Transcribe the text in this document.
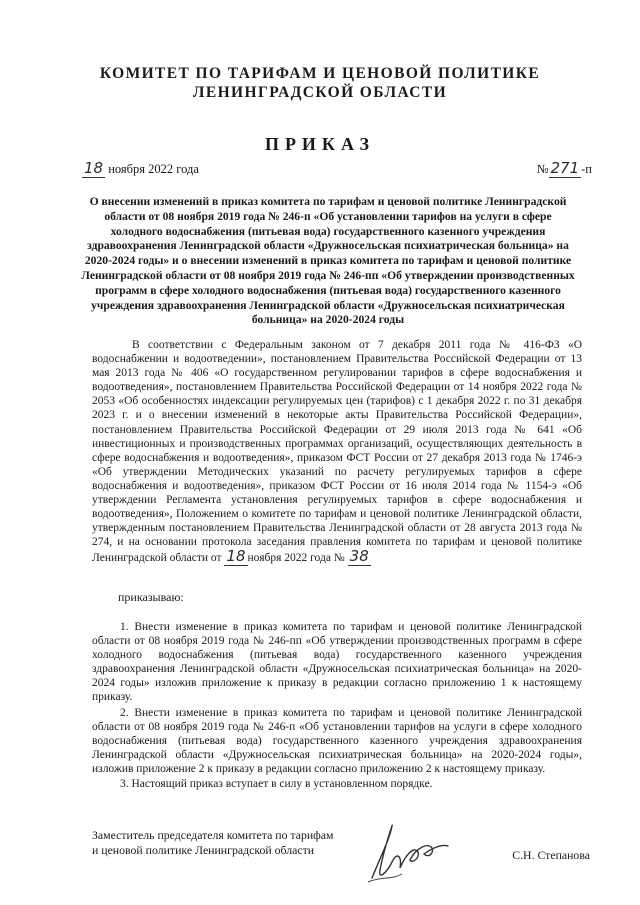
КОМИТЕТ ПО ТАРИФАМ И ЦЕНОВОЙ ПОЛИТИКЕ
ЛЕНИНГРАДСКОЙ ОБЛАСТИ
ПРИКАЗ
18 ноября 2022 года	№ 271 -п
О внесении изменений в приказ комитета по тарифам и ценовой политике Ленинградской области от 08 ноября 2019 года № 246-п «Об установлении тарифов на услуги в сфере холодного водоснабжения (питьевая вода) государственного казенного учреждения здравоохранения Ленинградской области «Дружносельская психиатрическая больница» на 2020-2024 годы» и о внесении изменений в приказ комитета по тарифам и ценовой политике Ленинградской области от 08 ноября 2019 года № 246-пп «Об утверждении производственных программ в сфере холодного водоснабжения (питьевая вода) государственного казенного учреждения здравоохранения Ленинградской области «Дружносельская психиатрическая больница» на 2020-2024 годы
В соответствии с Федеральным законом от 7 декабря 2011 года № 416-ФЗ «О водоснабжении и водоотведении», постановлением Правительства Российской Федерации от 13 мая 2013 года № 406 «О государственном регулировании тарифов в сфере водоснабжения и водоотведения», постановлением Правительства Российской Федерации от 14 ноября 2022 года № 2053 «Об особенностях индексации регулируемых цен (тарифов) с 1 декабря 2022 г. по 31 декабря 2023 г. и о внесении изменений в некоторые акты Правительства Российской Федерации», постановлением Правительства Российской Федерации от 29 июля 2013 года № 641 «Об инвестиционных и производственных программах организаций, осуществляющих деятельность в сфере водоснабжения и водоотведения», приказом ФСТ России от 27 декабря 2013 года № 1746-э «Об утверждении Методических указаний по расчету регулируемых тарифов в сфере водоснабжения и водоотведения», приказом ФСТ России от 16 июля 2014 года № 1154-э «Об утверждении Регламента установления регулируемых тарифов в сфере водоснабжения и водоотведения», Положением о комитете по тарифам и ценовой политике Ленинградской области, утвержденным постановлением Правительства Ленинградской области от 28 августа 2013 года № 274, и на основании протокола заседания правления комитета по тарифам и ценовой политике Ленинградской области от 18 ноября 2022 года № 38
приказываю:

1. Внести изменение в приказ комитета по тарифам и ценовой политике Ленинградской области от 08 ноября 2019 года № 246-пп «Об утверждении производственных программ в сфере холодного водоснабжения (питьевая вода) государственного казенного учреждения здравоохранения Ленинградской области «Дружносельская психиатрическая больница» на 2020-2024 годы» изложив приложение к приказу в редакции согласно приложению 1 к настоящему приказу.

2. Внести изменение в приказ комитета по тарифам и ценовой политике Ленинградской области от 08 ноября 2019 года № 246-п «Об установлении тарифов на услуги в сфере холодного водоснабжения (питьевая вода) государственного казенного учреждения здравоохранения Ленинградской области «Дружносельская психиатрическая больница» на 2020-2024 годы», изложив приложение 2 к приказу в редакции согласно приложению 2 к настоящему приказу.

3. Настоящий приказ вступает в силу в установленном порядке.

Заместитель председателя комитета по тарифам
и ценовой политике Ленинградской области	С.Н. Степанова
